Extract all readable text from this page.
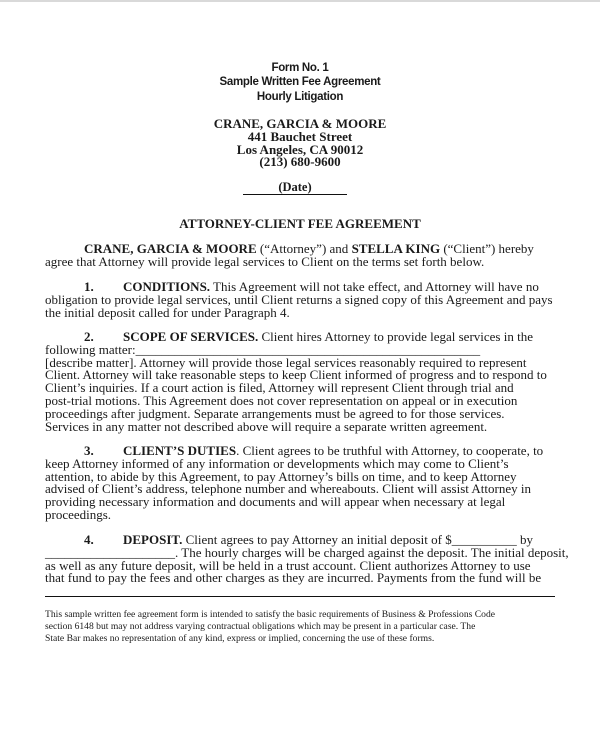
Form No. 1
Sample Written Fee Agreement
Hourly Litigation
CRANE, GARCIA & MOORE
441 Bauchet Street
Los Angeles, CA 90012
(213) 680-9600
(Date)
ATTORNEY-CLIENT FEE AGREEMENT
CRANE, GARCIA & MOORE (“Attorney”) and STELLA KING (“Client”) hereby
agree that Attorney will provide legal services to Client on the terms set forth below.
1. CONDITIONS. This Agreement will not take effect, and Attorney will have no
obligation to provide legal services, until Client returns a signed copy of this Agreement and pays
the initial deposit called for under Paragraph 4.
2. SCOPE OF SERVICES. Client hires Attorney to provide legal services in the
following matter:_____________________________________________________
[describe matter]. Attorney will provide those legal services reasonably required to represent
Client. Attorney will take reasonable steps to keep Client informed of progress and to respond to
Client’s inquiries. If a court action is filed, Attorney will represent Client through trial and
post-trial motions. This Agreement does not cover representation on appeal or in execution
proceedings after judgment. Separate arrangements must be agreed to for those services.
Services in any matter not described above will require a separate written agreement.
3. CLIENT’S DUTIES. Client agrees to be truthful with Attorney, to cooperate, to
keep Attorney informed of any information or developments which may come to Client’s
attention, to abide by this Agreement, to pay Attorney’s bills on time, and to keep Attorney
advised of Client’s address, telephone number and whereabouts. Client will assist Attorney in
providing necessary information and documents and will appear when necessary at legal
proceedings.
4. DEPOSIT. Client agrees to pay Attorney an initial deposit of $__________ by
____________________. The hourly charges will be charged against the deposit. The initial deposit,
as well as any future deposit, will be held in a trust account. Client authorizes Attorney to use
that fund to pay the fees and other charges as they are incurred. Payments from the fund will be
This sample written fee agreement form is intended to satisfy the basic requirements of Business & Professions Code
section 6148 but may not address varying contractual obligations which may be present in a particular case. The
State Bar makes no representation of any kind, express or implied, concerning the use of these forms.
